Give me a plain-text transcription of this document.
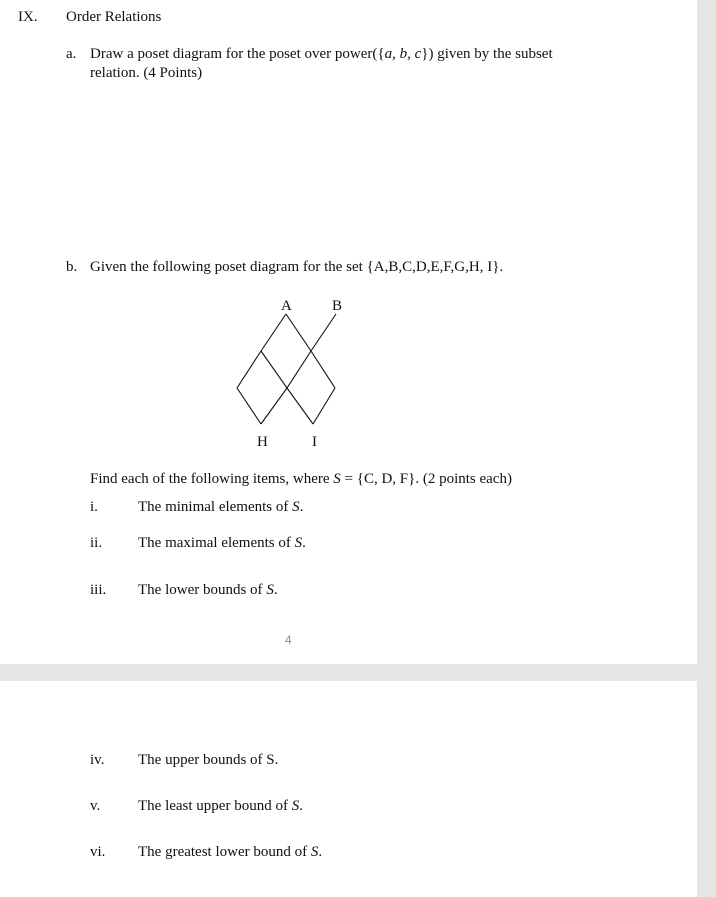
IX. Order Relations
a. Draw a poset diagram for the poset over power({a, b, c}) given by the subset
relation. (4 Points)
b. Given the following poset diagram for the set {A,B,C,D,E,F,G,H, I}.
A	B
H	I
Find each of the following items, where S = {C, D, F}. (2 points each)
i.	The minimal elements of S.
ii. The maximal elements of S.
iii. The lower bounds of S.
4
iv. The upper bounds of S.
v.	The least upper bound of S.
vi. The greatest lower bound of S.
